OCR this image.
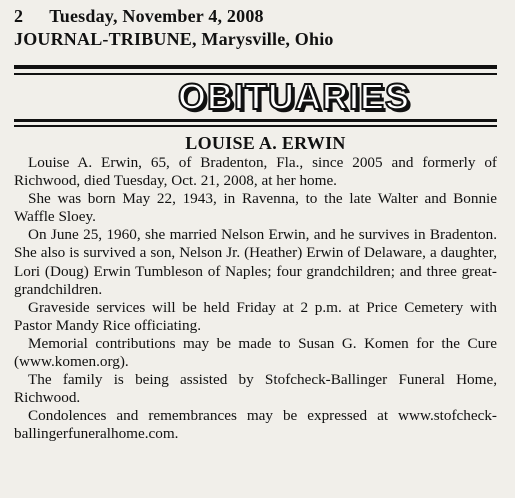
2 Tuesday, November 4, 2008
JOURNAL-TRIBUNE, Marysville, Ohio
OBITUARIES
LOUISE A. ERWIN

Louise A. Erwin, 65, of Bradenton, Fla., since 2005 and formerly of Richwood, died Tuesday, Oct. 21, 2008, at her home.

She was born May 22, 1943, in Ravenna, to the late Walter and Bonnie Waffle Sloey.

On June 25, 1960, she married Nelson Erwin, and he survives in Bradenton. She also is survived a son, Nelson Jr. (Heather) Erwin of Delaware, a daughter, Lori (Doug) Erwin Tumbleson of Naples; four grandchildren; and three great-grandchildren.

Graveside services will be held Friday at 2 p.m. at Price Cemetery with Pastor Mandy Rice officiating.

Memorial contributions may be made to Susan G. Komen for the Cure (www.komen.org).

The family is being assisted by Stofcheck-Ballinger Funeral Home, Richwood.

Condolences and remembrances may be expressed at www.stofcheck-ballingerfuneralhome.com.
